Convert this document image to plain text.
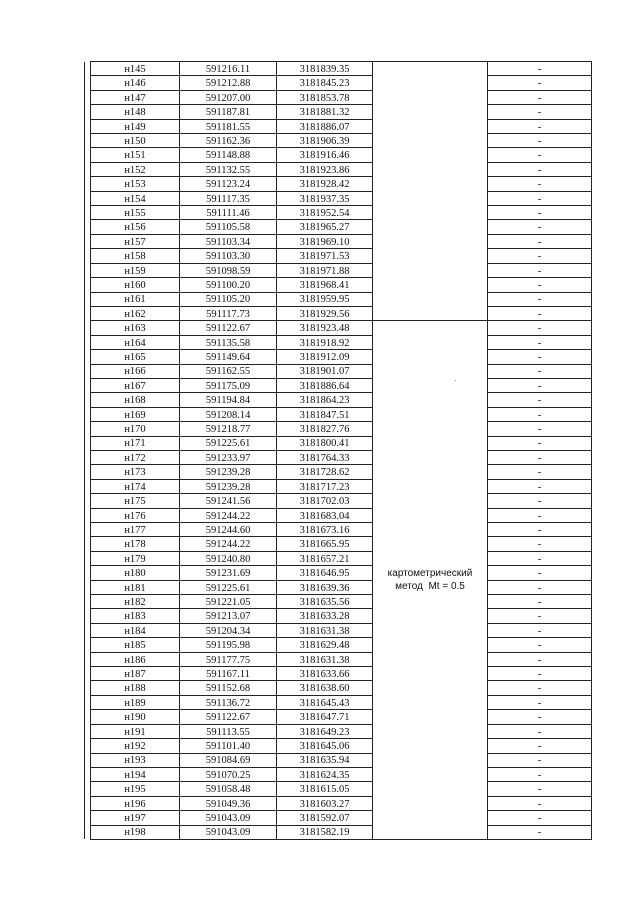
	н145	591216.11	3181839.35		-
	н146	591212.88	3181845.23		-
	н147	591207.00	3181853.78		-
	н148	591187.81	3181881.32		-
	н149	591181.55	3181886.07		-
	н150	591162.36	3181906.39		-
	н151	591148.88	3181916.46		-
	н152	591132.55	3181923.86		-
	н153	591123.24	3181928.42		-
	н154	591117.35	3181937.35		-
	н155	591111.46	3181952.54		-
	н156	591105.58	3181965.27		-
	н157	591103.34	3181969.10		-
	н158	591103.30	3181971.53		-
	н159	591098.59	3181971.88		-
	н160	591100.20	3181968.41		-
	н161	591105.20	3181959.95		-
	н162	591117.73	3181929.56		-
	н163	591122.67	3181923.48	картометрический
метод  Mt = 0.5	-
	н164	591135.58	3181918.92		-
	н165	591149.64	3181912.09		-
	н166	591162.55	3181901.07		-
	н167	591175.09	3181886.64		-
	н168	591194.84	3181864.23		-
	н169	591208.14	3181847.51		-
	н170	591218.77	3181827.76		-
	н171	591225.61	3181800.41		-
	н172	591233.97	3181764.33		-
	н173	591239.28	3181728.62		-
	н174	591239.28	3181717.23		-
	н175	591241.56	3181702.03		-
	н176	591244.22	3181683.04		-
	н177	591244.60	3181673.16		-
	н178	591244.22	3181665.95		-
	н179	591240.80	3181657.21		-
	н180	591231.69	3181646.95		-
	н181	591225.61	3181639.36		-
	н182	591221.05	3181635.56		-
	н183	591213.07	3181633.28		-
	н184	591204.34	3181631.38		-
	н185	591195.98	3181629.48		-
	н186	591177.75	3181631.38		-
	н187	591167.11	3181633.66		-
	н188	591152.68	3181638.60		-
	н189	591136.72	3181645.43		-
	н190	591122.67	3181647.71		-
	н191	591113.55	3181649.23		-
	н192	591101.40	3181645.06		-
	н193	591084.69	3181635.94		-
	н194	591070.25	3181624.35		-
	н195	591058.48	3181615.05		-
	н196	591049.36	3181603.27		-
	н197	591043.09	3181592.07		-
	н198	591043.09	3181582.19		-
